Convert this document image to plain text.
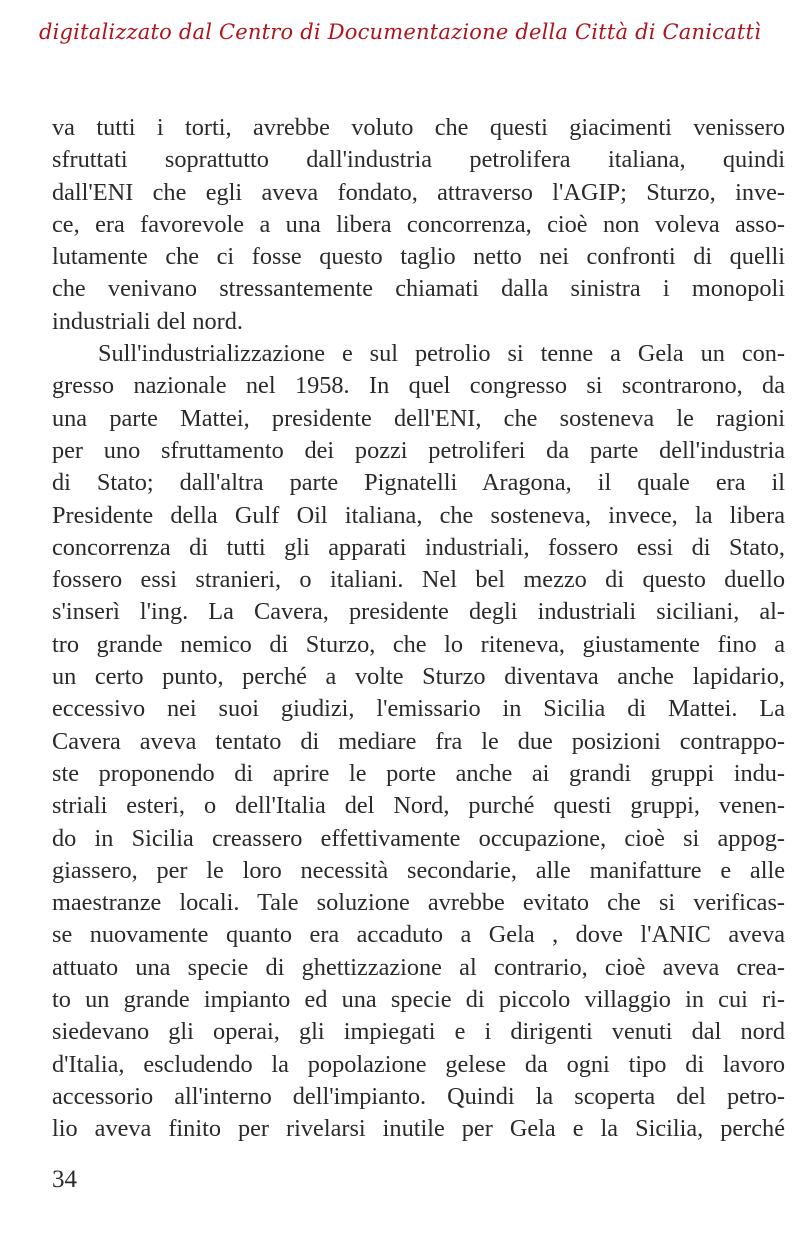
digitalizzato dal Centro di Documentazione della Città di Canicattì
va tutti i torti, avrebbe voluto che questi giacimenti venissero
sfruttati soprattutto dall'industria petrolifera italiana, quindi
dall'ENI che egli aveva fondato, attraverso l'AGIP; Sturzo, inve-
ce, era favorevole a una libera concorrenza, cioè non voleva asso-
lutamente che ci fosse questo taglio netto nei confronti di quelli
che venivano stressantemente chiamati dalla sinistra i monopoli
industriali del nord.
Sull'industrializzazione e sul petrolio si tenne a Gela un con-
gresso nazionale nel 1958. In quel congresso si scontrarono, da
una parte Mattei, presidente dell'ENI, che sosteneva le ragioni
per uno sfruttamento dei pozzi petroliferi da parte dell'industria
di Stato; dall'altra parte Pignatelli Aragona, il quale era il
Presidente della Gulf Oil italiana, che sosteneva, invece, la libera
concorrenza di tutti gli apparati industriali, fossero essi di Stato,
fossero essi stranieri, o italiani. Nel bel mezzo di questo duello
s'inserì l'ing. La Cavera, presidente degli industriali siciliani, al-
tro grande nemico di Sturzo, che lo riteneva, giustamente fino a
un certo punto, perché a volte Sturzo diventava anche lapidario,
eccessivo nei suoi giudizi, l'emissario in Sicilia di Mattei. La
Cavera aveva tentato di mediare fra le due posizioni contrappo-
ste proponendo di aprire le porte anche ai grandi gruppi indu-
striali esteri, o dell'Italia del Nord, purché questi gruppi, venen-
do in Sicilia creassero effettivamente occupazione, cioè si appog-
giassero, per le loro necessità secondarie, alle manifatture e alle
maestranze locali. Tale soluzione avrebbe evitato che si verificas-
se nuovamente quanto era accaduto a Gela , dove l'ANIC aveva
attuato una specie di ghettizzazione al contrario, cioè aveva crea-
to un grande impianto ed una specie di piccolo villaggio in cui ri-
siedevano gli operai, gli impiegati e i dirigenti venuti dal nord
d'Italia, escludendo la popolazione gelese da ogni tipo di lavoro
accessorio all'interno dell'impianto. Quindi la scoperta del petro-
lio aveva finito per rivelarsi inutile per Gela e la Sicilia, perché
34
